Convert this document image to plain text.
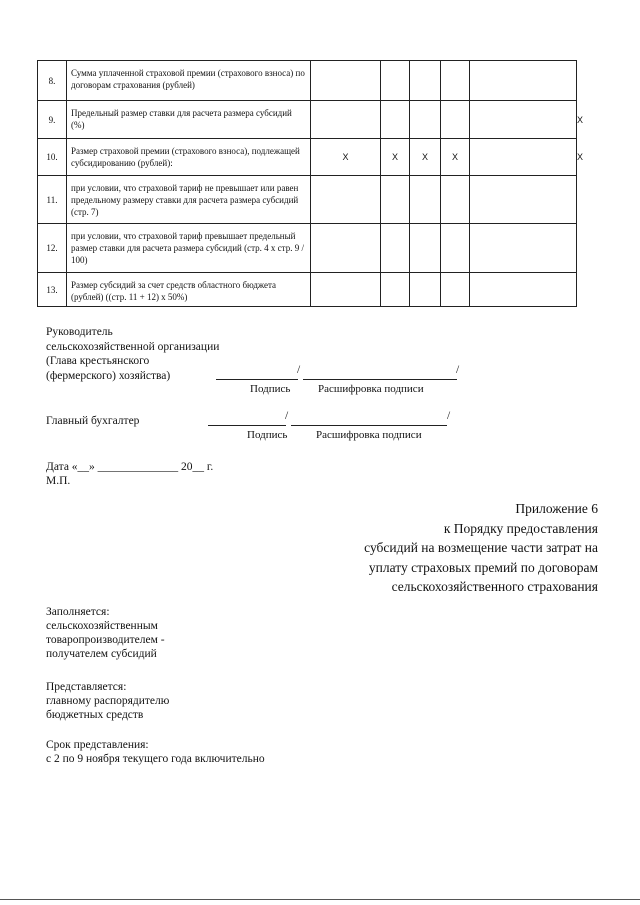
8.	Сумма уплаченной страховой премии (страхового взноса) по договорам страхования (рублей)						
9.	Предельный размер ставки для расчета размера субсидий (%)						X
10.	Размер страховой премии (страхового взноса), подлежащей субсидированию (рублей):	X	X	X	X		X
11.	при условии, что страховой тариф не превышает или равен предельному размеру ставки для расчета размера субсидий (стр. 7)						
12.	при условии, что страховой тариф превышает предельный размер ставки для расчета размера субсидий (стр. 4 х стр. 9 / 100)						
13.	Размер субсидий за счет средств областного бюджета (рублей) ((стр. 11 + 12) х 50%)						
Руководитель
сельскохозяйственной организации
(Глава крестьянского
(фермерского) хозяйства)	/	/
Подпись	Расшифровка подписи
Главный бухгалтер	/	/
Подпись	Расшифровка подписи
Дата «__» ______________ 20__ г.
М.П.
Приложение 6
к Порядку предоставления
субсидий на возмещение части затрат на
уплату страховых премий по договорам
сельскохозяйственного страхования
Заполняется:
сельскохозяйственным
товаропроизводителем -
получателем субсидий
Представляется:
главному распорядителю
бюджетных средств
Срок представления:
с 2 по 9 ноября текущего года включительно
